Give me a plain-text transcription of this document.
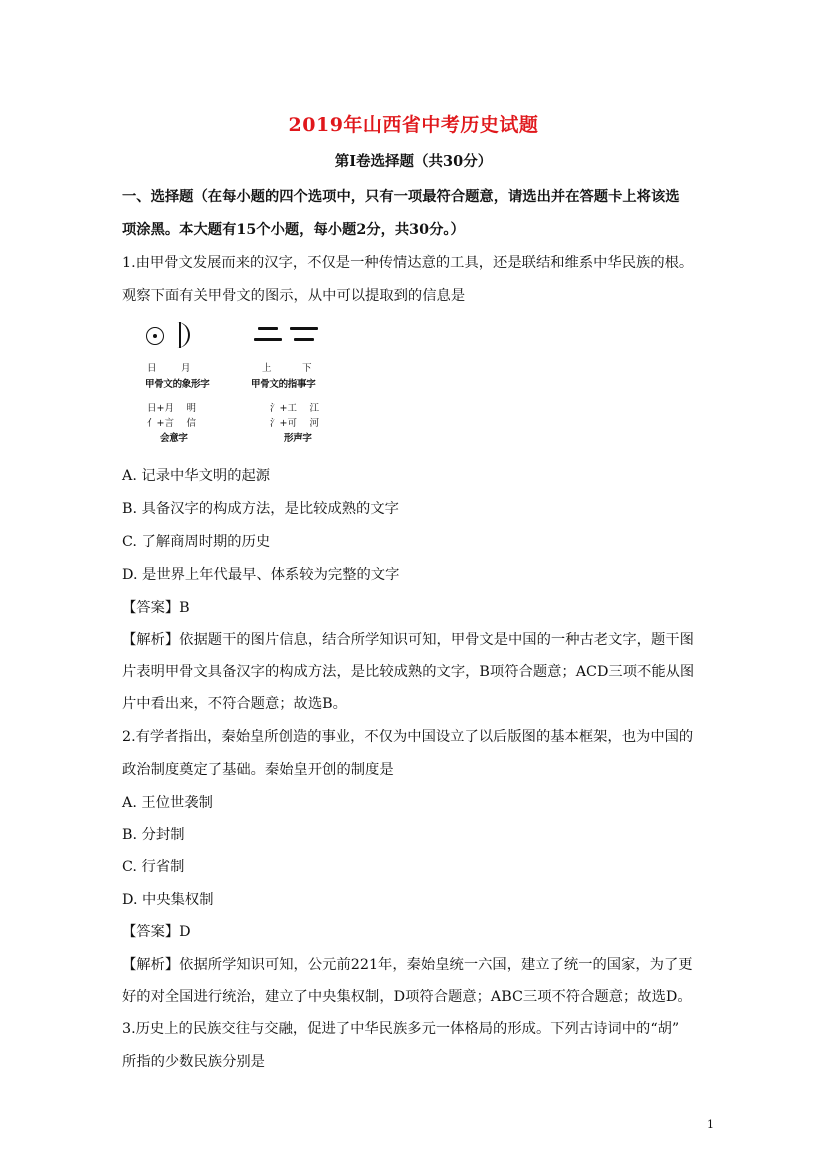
2019年山西省中考历史试题
第Ⅰ卷选择题（共30分）
一、选择题（在每小题的四个选项中，只有一项最符合题意，请选出并在答题卡上将该选
项涂黑。本大题有15个小题，每小题2分，共30分。）
1.由甲骨文发展而来的汉字，不仅是一种传情达意的工具，还是联结和维系中华民族的根。
观察下面有关甲骨文的图示，从中可以提取到的信息是
日	月	上	下
甲骨文的象形字	甲骨文的指事字
日+月　 明
亻+言　 信
会意字
氵+工　 江
氵+可　 河
形声字
A. 记录中华文明的起源
B. 具备汉字的构成方法，是比较成熟的文字
C. 了解商周时期的历史
D. 是世界上年代最早、体系较为完整的文字
【答案】B
【解析】依据题干的图片信息，结合所学知识可知，甲骨文是中国的一种古老文字，题干图
片表明甲骨文具备汉字的构成方法，是比较成熟的文字，B项符合题意；ACD三项不能从图
片中看出来，不符合题意；故选B。
2.有学者指出，秦始皇所创造的事业，不仅为中国设立了以后版图的基本框架，也为中国的
政治制度奠定了基础。秦始皇开创的制度是
A. 王位世袭制
B. 分封制
C. 行省制
D. 中央集权制
【答案】D
【解析】依据所学知识可知，公元前221年，秦始皇统一六国，建立了统一的国家，为了更
好的对全国进行统治，建立了中央集权制，D项符合题意；ABC三项不符合题意；故选D。
3.历史上的民族交往与交融，促进了中华民族多元一体格局的形成。下列古诗词中的“胡”
所指的少数民族分别是
1
